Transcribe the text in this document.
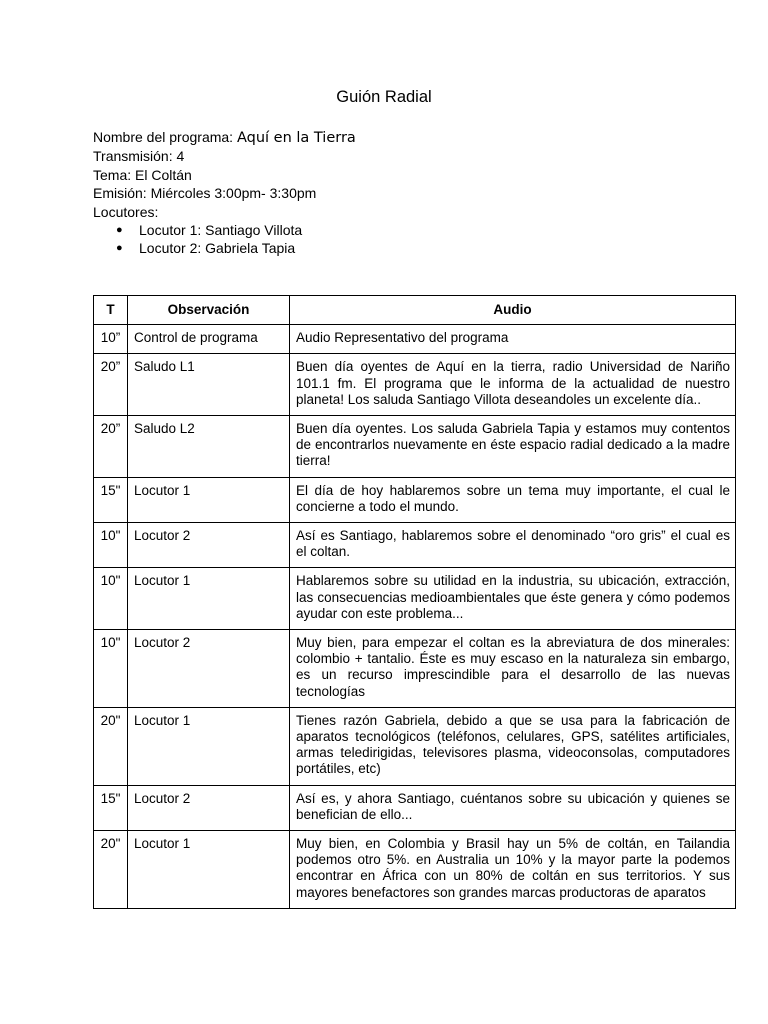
Guión Radial
Nombre del programa: Aquí en la Tierra
Transmisión: 4
Tema: El Coltán
Emisión: Miércoles 3:00pm- 3:30pm
Locutores:
● Locutor 1: Santiago Villota
● Locutor 2: Gabriela Tapia
T	Observación	Audio
10”	Control de programa	Audio Representativo del programa
20”	Saludo L1	Buen día oyentes de Aquí en la tierra, radio Universidad de Nariño 101.1 fm. El programa que le informa de la actualidad de nuestro planeta! Los saluda Santiago Villota deseandoles un excelente día..
20”	Saludo L2	Buen día oyentes. Los saluda Gabriela Tapia y estamos muy contentos de encontrarlos nuevamente en éste espacio radial dedicado a la madre tierra!
15"	Locutor 1	El día de hoy hablaremos sobre un tema muy importante, el cual le concierne a todo el mundo.
10"	Locutor 2	Así es Santiago, hablaremos sobre el denominado “oro gris” el cual es el coltan.
10"	Locutor 1	Hablaremos sobre su utilidad en la industria, su ubicación, extracción, las consecuencias medioambientales que éste genera y cómo podemos ayudar con este problema...
10"	Locutor 2	Muy bien, para empezar el coltan es la abreviatura de dos minerales: colombio + tantalio. Éste es muy escaso en la naturaleza sin embargo, es un recurso imprescindible para el desarrollo de las nuevas tecnologías
20"	Locutor 1	Tienes razón Gabriela, debido a que se usa para la fabricación de aparatos tecnológicos (teléfonos, celulares, GPS, satélites artificiales, armas teledirigidas, televisores plasma, videoconsolas, computadores portátiles, etc)
15"	Locutor 2	Así es, y ahora Santiago, cuéntanos sobre su ubicación y quienes se benefician de ello...
20"	Locutor 1	Muy bien, en Colombia y Brasil hay un 5% de coltán, en Tailandia podemos otro 5%. en Australia un 10% y la mayor parte la podemos encontrar en África con un 80% de coltán en sus territorios. Y sus mayores benefactores son grandes marcas productoras de aparatos
